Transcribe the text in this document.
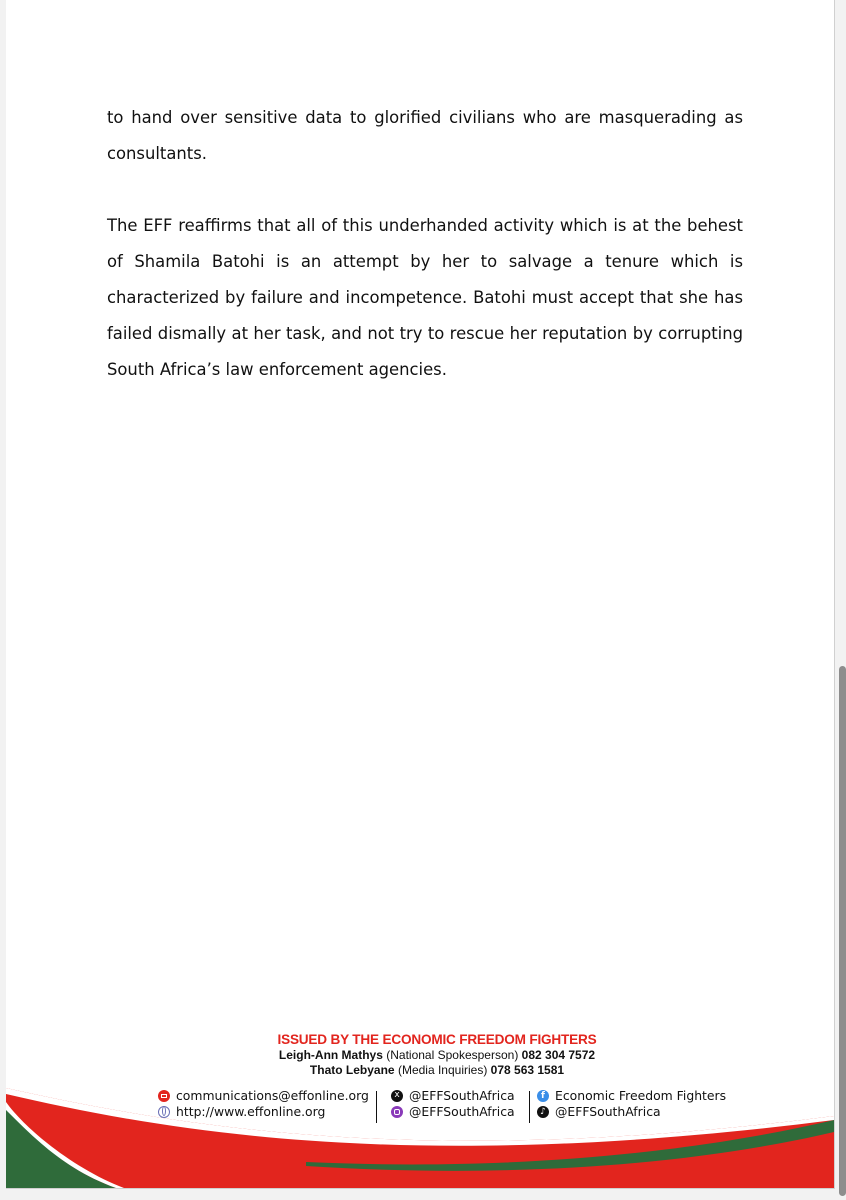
to hand over sensitive data to glorified civilians who are masquerading as consultants.

The EFF reaffirms that all of this underhanded activity which is at the behest of Shamila Batohi is an attempt by her to salvage a tenure which is characterized by failure and incompetence. Batohi must accept that she has failed dismally at her task, and not try to rescue her reputation by corrupting South Africa’s law enforcement agencies.

ISSUED BY THE ECONOMIC FREEDOM FIGHTERS
Leigh-Ann Mathys (National Spokesperson) 082 304 7572
Thato Lebyane (Media Inquiries) 078 563 1581
communications@effonline.org
http://www.effonline.org
x
@EFFSouthAfrica
@EFFSouthAfrica
f
Economic Freedom Fighters
♪
@EFFSouthAfrica
